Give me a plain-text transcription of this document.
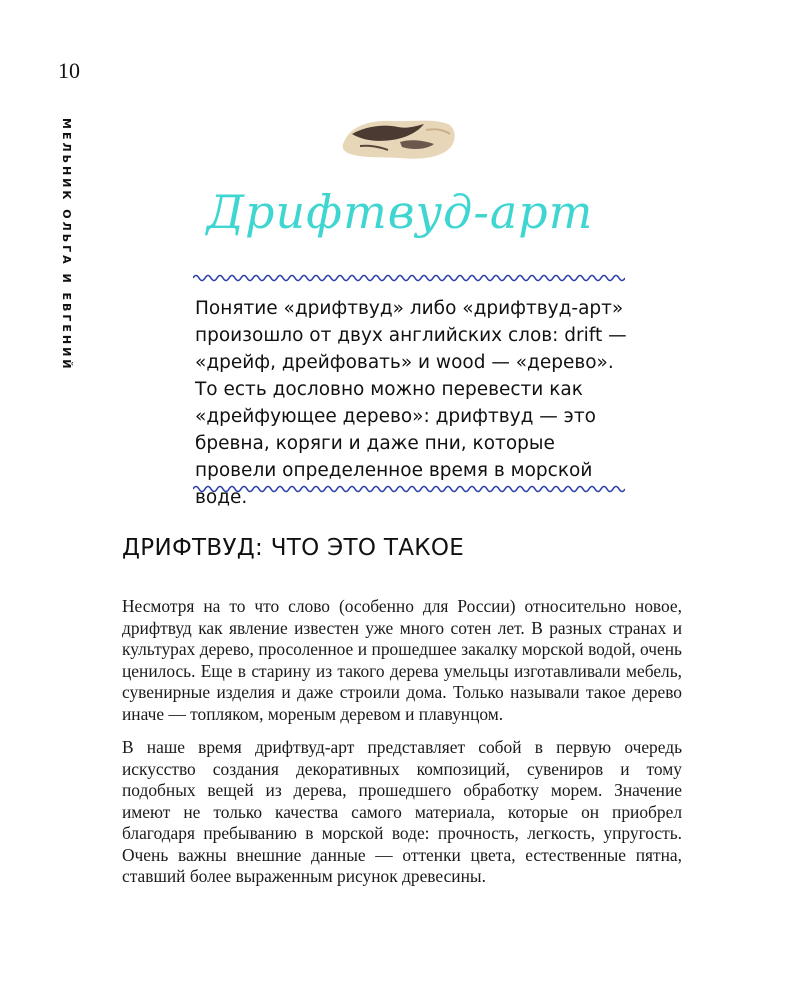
10
МЕЛЬНИК ОЛЬГА И ЕВГЕНИЙ	Дрифтвуд-арт
Понятие «дрифтвуд» либо «дрифтвуд-арт» произошло от двух английских слов: drift — «дрейф, дрейфовать» и wood — «дерево». То есть дословно можно перевести как «дрейфующее дерево»: дрифтвуд — это бревна, коряги и даже пни, которые провели определенное время в морской воде.
ДРИФТВУД: ЧТО ЭТО ТАКОЕ

Несмотря на то что слово (особенно для России) относительно новое, дрифтвуд как явление известен уже много сотен лет. В разных странах и культурах дерево, просоленное и прошедшее закалку морской водой, очень ценилось. Еще в старину из такого дерева умельцы изготавливали мебель, сувенирные изделия и даже строили дома. Только называли такое дерево иначе — топляком, мореным деревом и плавунцом.

В наше время дрифтвуд-арт представляет собой в первую очередь искусство создания декоративных композиций, сувениров и тому подобных вещей из дерева, прошедшего обработку морем. Значение имеют не только качества самого материала, которые он приобрел благодаря пребыванию в морской воде: прочность, легкость, упругость. Очень важны внешние данные — оттенки цвета, естественные пятна, ставший более выраженным рисунок древесины.
